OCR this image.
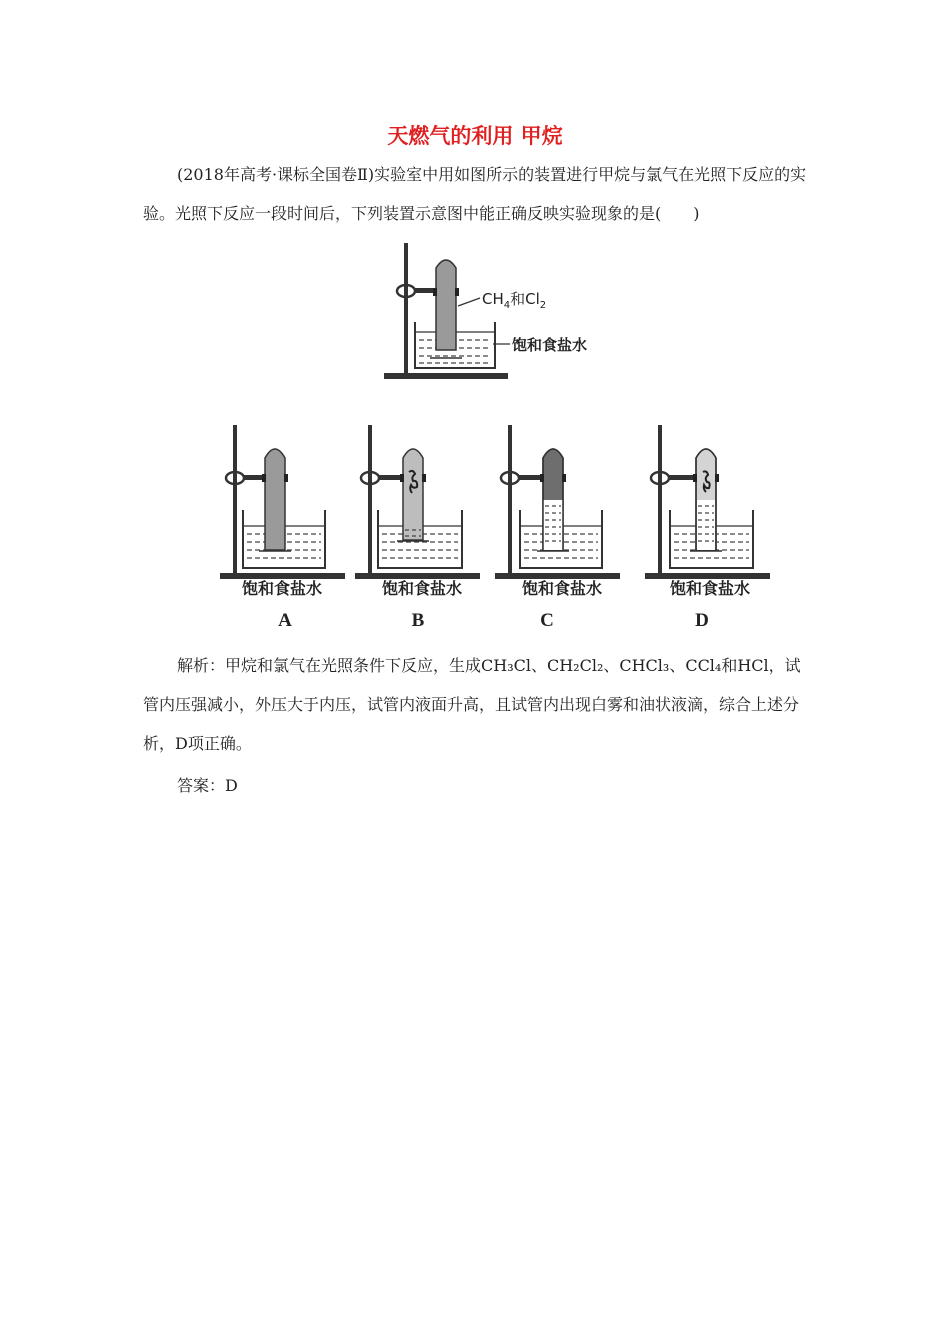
天燃气的利用 甲烷
(2018年高考·课标全国卷Ⅱ)实验室中用如图所示的装置进行甲烷与氯气在光照下反应的实验。光照下反应一段时间后，下列装置示意图中能正确反映实验现象的是(　　)
$CH_4$和$Cl_2$
饱和食盐水
饱和食盐水
A
饱和食盐水
B
饱和食盐水
C
饱和食盐水
D
解析：甲烷和氯气在光照条件下反应，生成CH₃Cl、CH₂Cl₂、CHCl₃、CCl₄和HCl，试管内压强减小，外压大于内压，试管内液面升高，且试管内出现白雾和油状液滴，综合上述分析，D项正确。
答案：D
